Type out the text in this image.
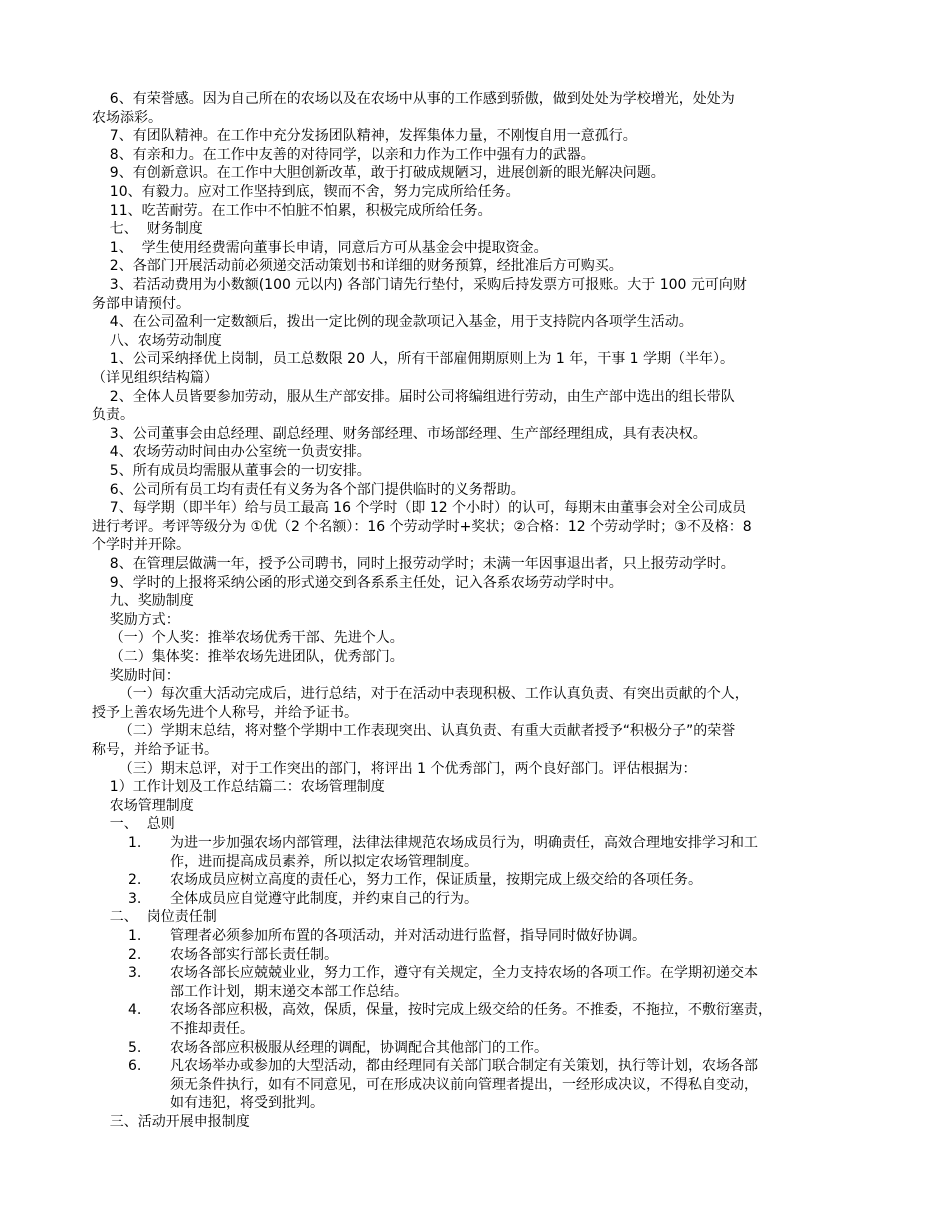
6、有荣誉感。因为自己所在的农场以及在农场中从事的工作感到骄傲，做到处处为学校增光，处处为
农场添彩。
7、有团队精神。在工作中充分发扬团队精神，发挥集体力量，不刚愎自用一意孤行。
8、有亲和力。在工作中友善的对待同学，以亲和力作为工作中强有力的武器。
9、有创新意识。在工作中大胆创新改革，敢于打破成规陋习，进展创新的眼光解决问题。
10、有毅力。应对工作坚持到底，锲而不舍，努力完成所给任务。
11、吃苦耐劳。在工作中不怕脏不怕累，积极完成所给任务。
七、  财务制度
1、  学生使用经费需向董事长申请，同意后方可从基金会中提取资金。
2、各部门开展活动前必须递交活动策划书和详细的财务预算，经批准后方可购买。
3、若活动费用为小数额(100 元以内) 各部门请先行垫付，采购后持发票方可报账。大于 100 元可向财
务部申请预付。
4、在公司盈利一定数额后，拨出一定比例的现金款项记入基金，用于支持院内各项学生活动。
八、农场劳动制度
1、公司采纳择优上岗制，员工总数限 20 人，所有干部雇佣期原则上为 1 年，干事 1 学期（半年）。
（详见组织结构篇）
2、全体人员皆要参加劳动，服从生产部安排。届时公司将编组进行劳动，由生产部中选出的组长带队
负责。
3、公司董事会由总经理、副总经理、财务部经理、市场部经理、生产部经理组成，具有表决权。
4、农场劳动时间由办公室统一负责安排。
5、所有成员均需服从董事会的一切安排。
6、公司所有员工均有责任有义务为各个部门提供临时的义务帮助。
7、每学期（即半年）给与员工最高 16 个学时（即 12 个小时）的认可，每期末由董事会对全公司成员
进行考评。考评等级分为 ①优（2 个名额）：16 个劳动学时+奖状；②合格：12 个劳动学时；③不及格：8
个学时并开除。
8、在管理层做满一年，授予公司聘书，同时上报劳动学时；未满一年因事退出者，只上报劳动学时。
9、学时的上报将采纳公函的形式递交到各系系主任处，记入各系农场劳动学时中。
九、奖励制度
奖励方式：
（一）个人奖：推举农场优秀干部、先进个人。
（二）集体奖：推举农场先进团队，优秀部门。
奖励时间：
（一）每次重大活动完成后，进行总结，对于在活动中表现积极、工作认真负责、有突出贡献的个人，
授予上善农场先进个人称号，并给予证书。
（二）学期末总结，将对整个学期中工作表现突出、认真负责、有重大贡献者授予“积极分子”的荣誉
称号，并给予证书。
（三）期末总评，对于工作突出的部门，将评出 1 个优秀部门，两个良好部门。评估根据为：
1）工作计划及工作总结篇二：农场管理制度
农场管理制度
一、  总则
1. 为进一步加强农场内部管理，法律法律规范农场成员行为，明确责任，高效合理地安排学习和工
作，进而提高成员素养，所以拟定农场管理制度。
2. 农场成员应树立高度的责任心，努力工作，保证质量，按期完成上级交给的各项任务。
3. 全体成员应自觉遵守此制度，并约束自己的行为。
二、  岗位责任制
1. 管理者必须参加所布置的各项活动，并对活动进行监督，指导同时做好协调。
2. 农场各部实行部长责任制。
3. 农场各部长应兢兢业业，努力工作，遵守有关规定，全力支持农场的各项工作。在学期初递交本
部工作计划，期末递交本部工作总结。
4. 农场各部应积极，高效，保质，保量，按时完成上级交给的任务。不推委，不拖拉，不敷衍塞责，
不推却责任。
5. 农场各部应积极服从经理的调配，协调配合其他部门的工作。
6. 凡农场举办或参加的大型活动，都由经理同有关部门联合制定有关策划，执行等计划，农场各部
须无条件执行，如有不同意见，可在形成决议前向管理者提出，一经形成决议，不得私自变动，
如有违犯，将受到批判。
三、活动开展申报制度
